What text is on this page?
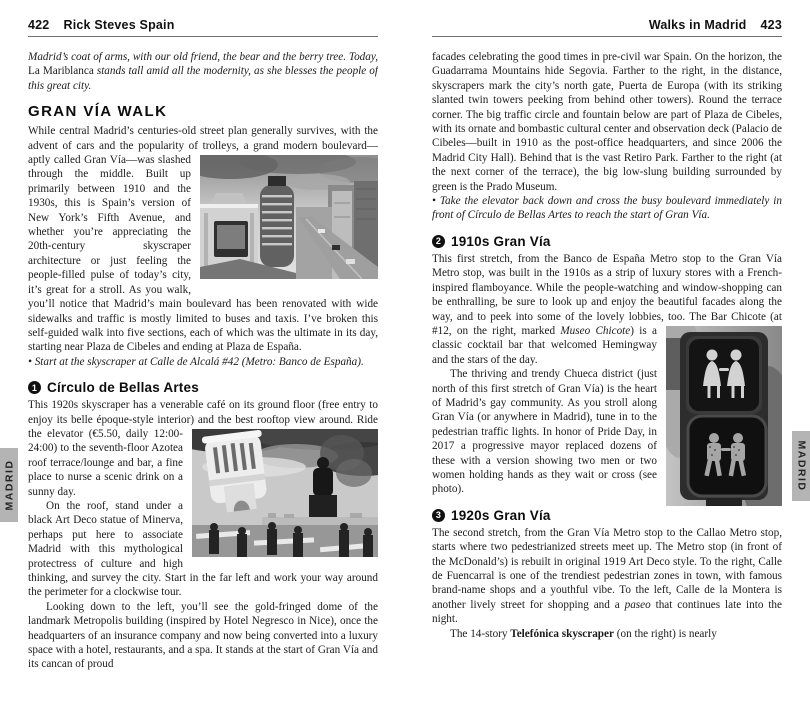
422 Rick Steves Spain

Madrid’s coat of arms, with our old friend, the bear and the berry tree. Today, La Mariblanca stands tall amid all the modernity, as she blesses the people of this great city.

GRAN VÍA WALK

While central Madrid’s centuries-old street plan generally survives, with the advent of cars and the popularity of trolleys, a
grand modern boulevard—aptly called Gran Vía—was slashed through the middle. Built up primarily between 1910 and the 1930s, this is Spain’s version of New York’s Fifth Avenue, and whether you’re appreciating the 20th-century skyscraper architecture or just feeling the people-filled pulse of today’s city, it’s great for a stroll. As you walk, you’ll notice that Madrid’s main boulevard has been renovated with wide sidewalks and traffic is mostly limited to buses and taxis. I’ve broken this self-guided walk into five sections, each of which was the ultimate in its day, starting near Plaza de Cibeles and ending at Plaza de España.

• Start at the skyscraper at Calle de Alcalá #42 (Metro: Banco de España).

1 Círculo de Bellas Artes

This 1920s skyscraper has a venerable café on its ground floor (free entry to enjoy its belle époque-style interior) and the best rooftop
view around. Ride the elevator (€5.50, daily 12:00-24:00) to the seventh-floor Azotea roof terrace/lounge and bar, a fine place to nurse a scenic drink on a sunny day.

On the roof, stand under a black Art Deco statue of Minerva, perhaps put here to associate Madrid with this mythological protectress of culture and high thinking, and survey the city. Start in the far left and work your way around the perimeter for a clockwise tour.

Looking down to the left, you’ll see the gold-fringed dome of the landmark Metropolis building (inspired by Hotel Negresco in Nice), once the headquarters of an insurance company and now being converted into a luxury space with a hotel, restaurants, and a spa. It stands at the start of Gran Vía and its cancan of proud

Walks in Madrid 423

facades celebrating the good times in pre-civil war Spain. On the horizon, the Guadarrama Mountains hide Segovia. Farther to the right, in the distance, skyscrapers mark the city’s north gate, Puerta de Europa (with its striking slanted twin towers peeking from behind other towers). Round the terrace corner. The big traffic circle and fountain below are part of Plaza de Cibeles, with its ornate and bombastic cultural center and observation deck (Palacio de Cibeles—built in 1910 as the post-office headquarters, and since 2006 the Madrid City Hall). Behind that is the vast Retiro Park. Farther to the right (at the next corner of the terrace), the big low-slung building surrounded by green is the Prado Museum.

• Take the elevator back down and cross the busy boulevard immediately in front of Círculo de Bellas Artes to reach the start of Gran Vía.

2 1910s Gran Vía

This first stretch, from the Banco de España Metro stop to the Gran Vía Metro stop, was built in the 1910s as a strip of luxury stores with a French-inspired flamboyance. While the people-watching and window-shopping can be enthralling, be sure to look up and enjoy the beautiful facades along the way, and to peek into some of the lovely lobbies, too. The Bar Chicote (at #12, on the
right, marked Museo Chicote) is a classic cocktail bar that welcomed Hemingway and the stars of the day.

The thriving and trendy Chueca district (just north of this first stretch of Gran Vía) is the heart of Madrid’s gay community. As you stroll along Gran Vía (or anywhere in Madrid), tune in to the pedestrian traffic lights. In honor of Pride Day, in 2017 a progressive mayor replaced dozens of these with a version showing two men or two women holding hands as they wait or cross (see photo).

3 1920s Gran Vía

The second stretch, from the Gran Vía Metro stop to the Callao Metro stop, starts where two pedestrianized streets meet up. The Metro stop (in front of the McDonald’s) is rebuilt in original 1919 Art Deco style. To the right, Calle de Fuencarral is one of the trendiest pedestrian zones in town, with famous brand-name shops and a youthful vibe. To the left, Calle de la Montera is another lively street for shopping and a paseo that continues late into the night.

The 14-story Telefónica skyscraper (on the right) is nearly

MADRID	MADRID
